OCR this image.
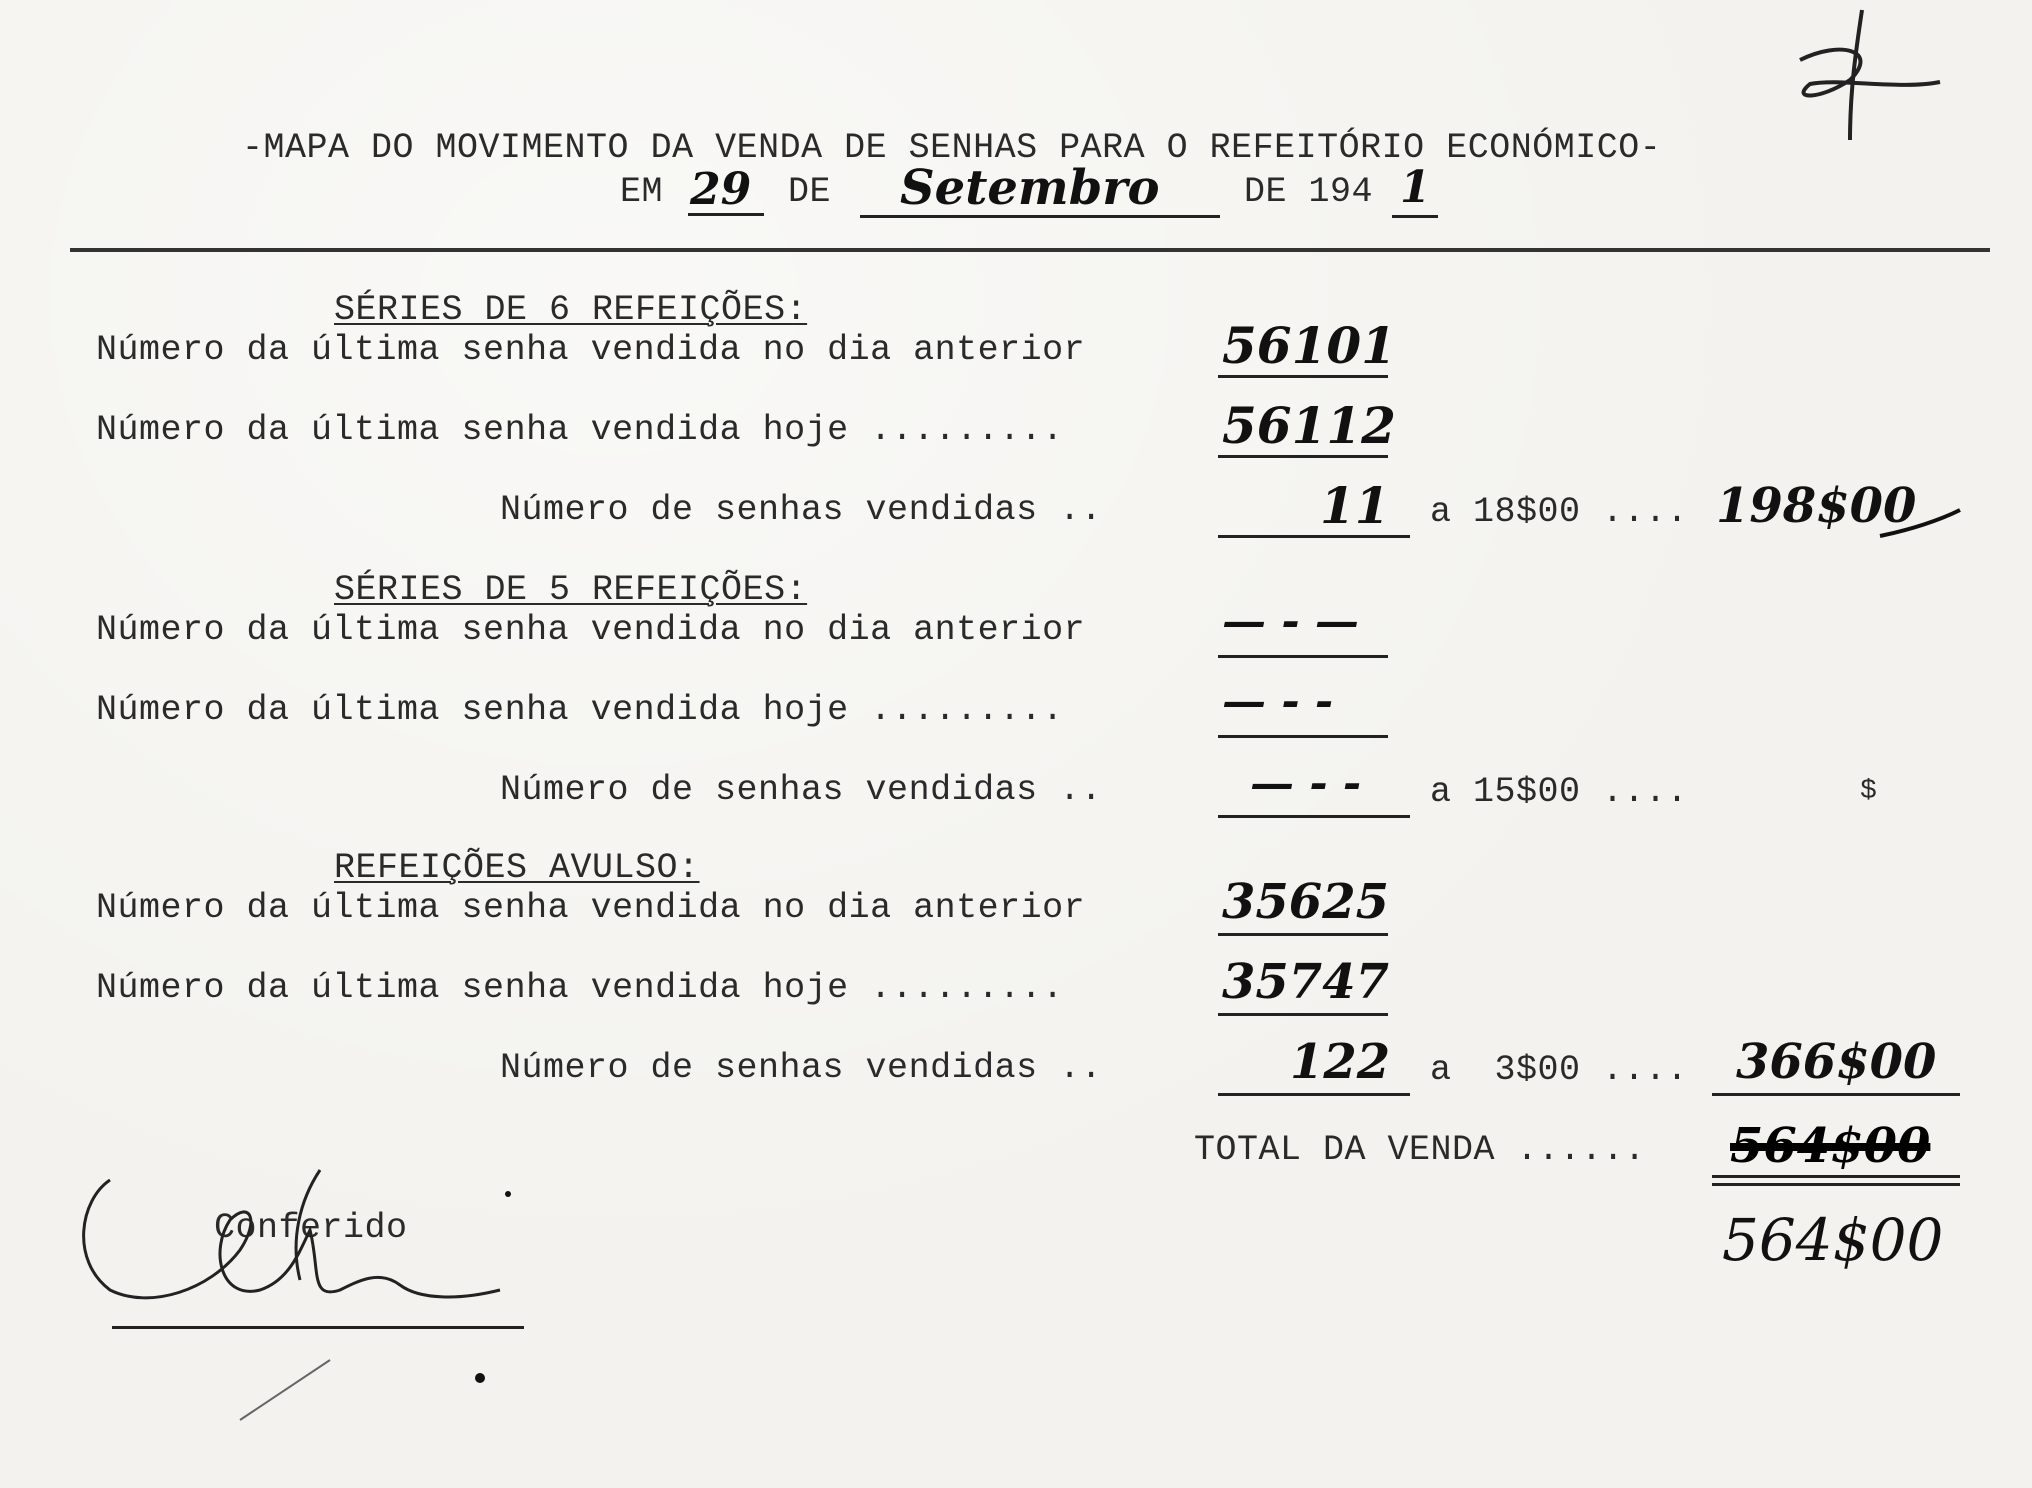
-MAPA DO MOVIMENTO DA VENDA DE SENHAS PARA O REFEITÓRIO ECONÓMICO-
EM 29 DE Setembro DE 194 1
SÉRIES DE 6 REFEIÇÕES:
Número da última senha vendida no dia anterior	56101
Número da última senha vendida hoje .........	56112
Número de senhas vendidas ..	11 a 18$00 .... 198$00
SÉRIES DE 5 REFEIÇÕES:
Número da última senha vendida no dia anterior	— - —
Número da última senha vendida hoje .........	— - -
Número de senhas vendidas ..	— - - a 15$00 ....	$
REFEIÇÕES AVULSO:
Número da última senha vendida no dia anterior	35625
Número da última senha vendida hoje .........	35747
Número de senhas vendidas ..	122 a  3$00 .... 366$00
TOTAL DA VENDA ...... 564$00
564$00
Conferido
